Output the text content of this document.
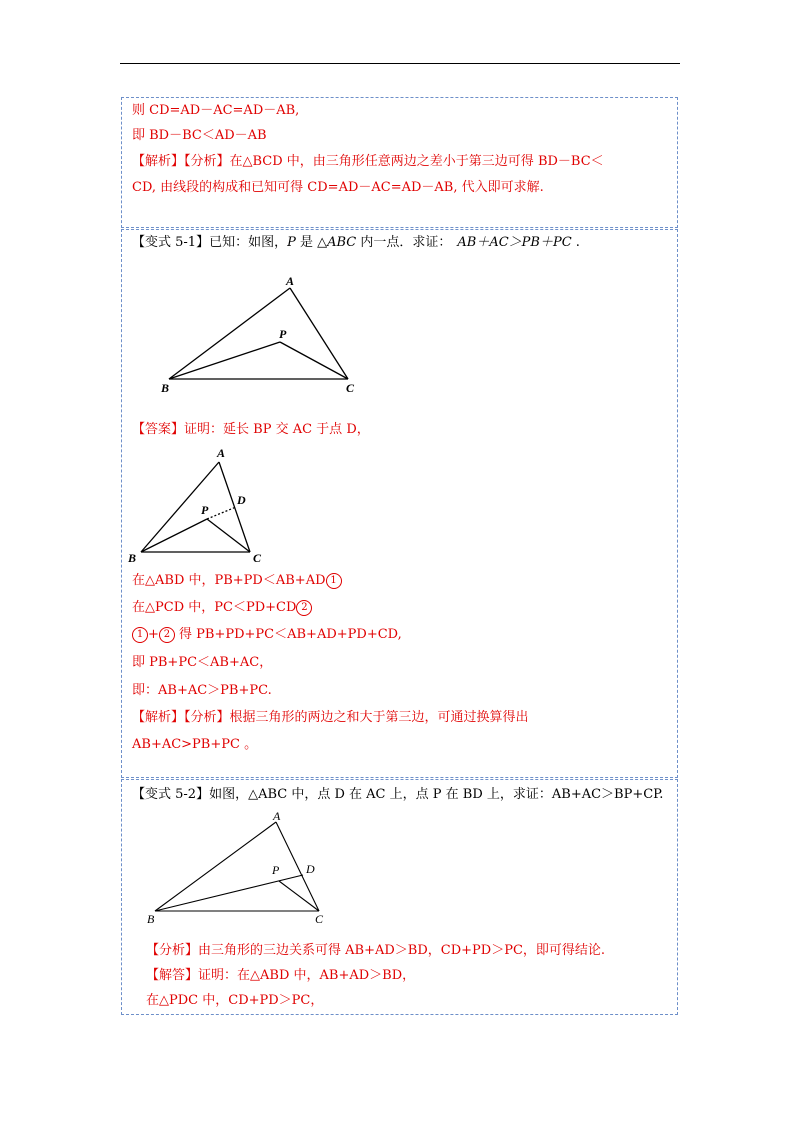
则 CD=AD－AC=AD－AB,
即 BD－BC＜AD－AB
【解析】【分析】在△BCD 中，由三角形任意两边之差小于第三边可得 BD－BC＜
CD, 由线段的构成和已知可得 CD=AD－AC=AD－AB, 代入即可求解.
【变式 5-1】已知：如图，P 是 △ABC 内一点．求证： AB＋AC＞PB＋PC .
A
B	C
P
【答案】证明：延长 BP 交 AC 于点 D，
A
B	C
P
D
在△ABD 中，PB+PD＜AB+AD 1
在△PCD 中，PC＜PD+CD 2
1 + 2 得 PB+PD+PC＜AB+AD+PD+CD,
即 PB+PC＜AB+AC，
即：AB+AC＞PB+PC.
【解析】【分析】根据三角形的两边之和大于第三边，可通过换算得出
AB+AC>PB+PC 。
【变式 5-2】如图，△ABC 中，点 D 在 AC 上，点 P 在 BD 上，求证：AB+AC＞BP+CP.
A
B	C
P D
【分析】由三角形的三边关系可得 AB+AD＞BD，CD+PD＞PC，即可得结论.
【解答】证明：在△ABD 中，AB+AD＞BD，
在△PDC 中，CD+PD＞PC，
